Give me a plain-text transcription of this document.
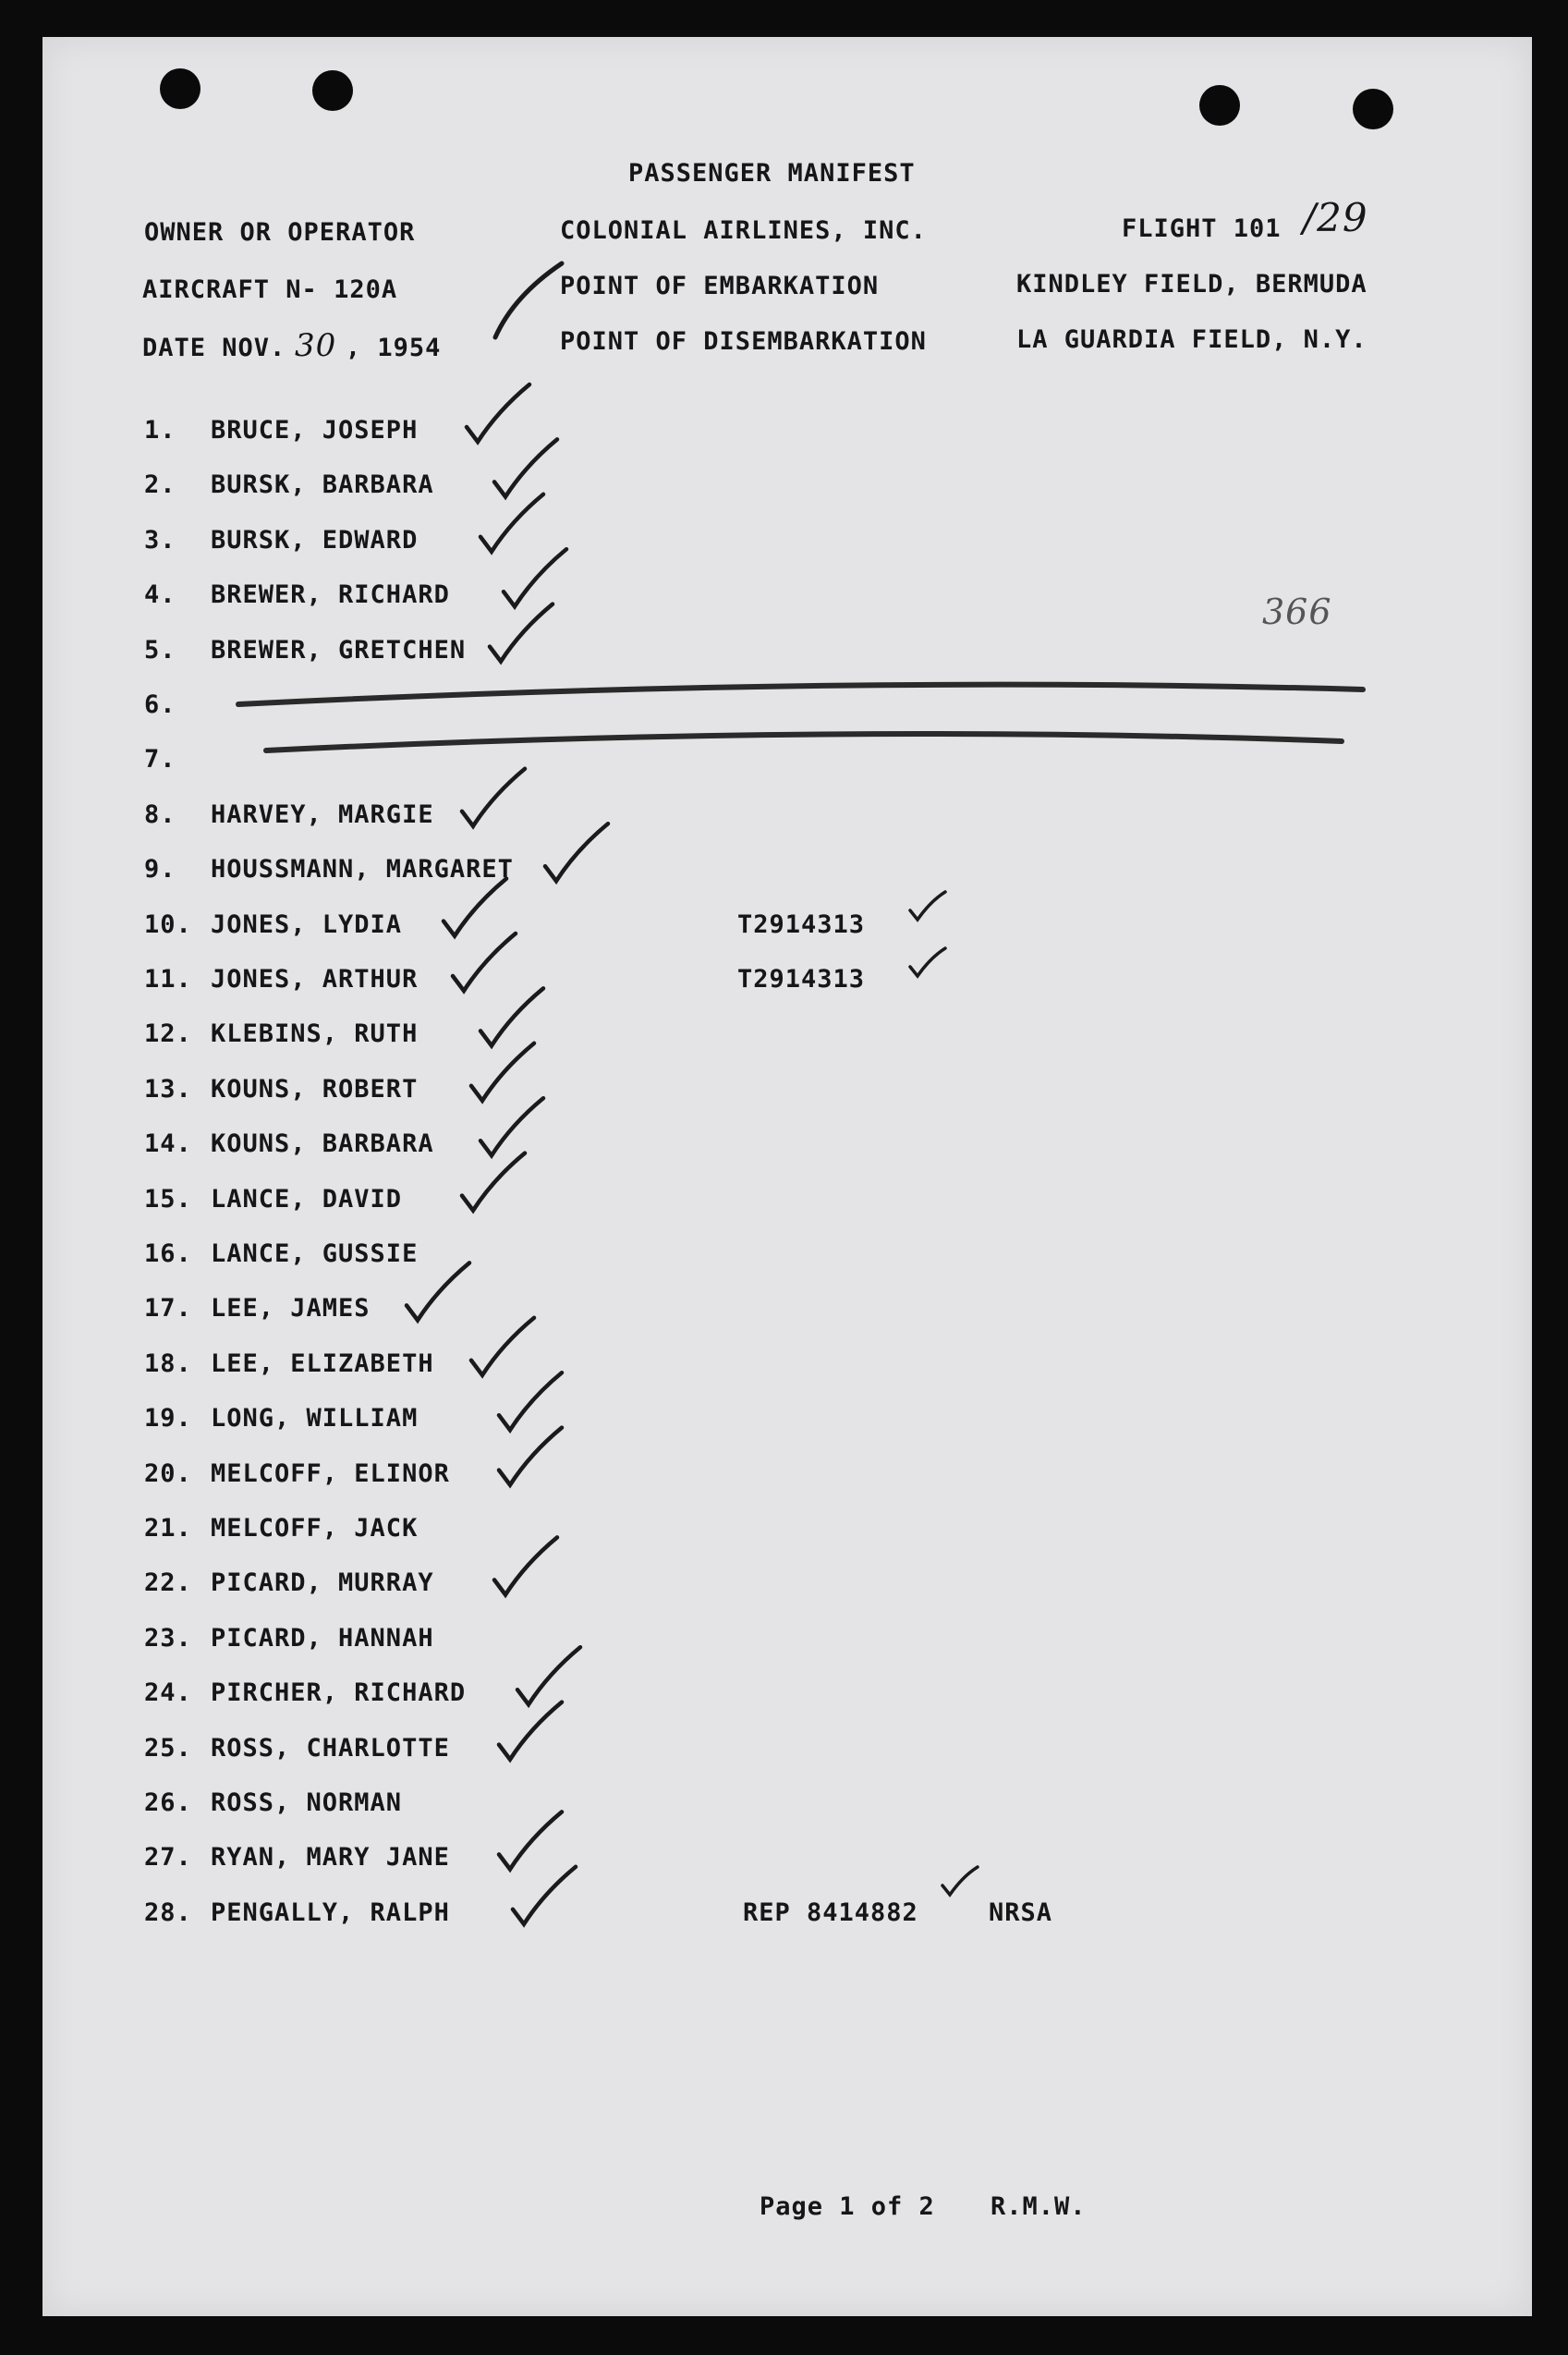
PASSENGER MANIFEST
OWNER OR OPERATOR	COLONIAL AIRLINES, INC.	FLIGHT 101 /29
AIRCRAFT N- 120A	POINT OF EMBARKATION	KINDLEY FIELD, BERMUDA
DATE NOV. 30 , 1954	POINT OF DISEMBARKATION	LA GUARDIA FIELD, N.Y.
366
1.	BRUCE, JOSEPH
2.	BURSK, BARBARA
3.	BURSK, EDWARD
4.	BREWER, RICHARD
5.	BREWER, GRETCHEN
6.
7.
8.	HARVEY, MARGIE
9.	HOUSSMANN, MARGARET
10. JONES, LYDIA	T2914313
11. JONES, ARTHUR	T2914313
12. KLEBINS, RUTH
13. KOUNS, ROBERT
14. KOUNS, BARBARA
15. LANCE, DAVID
16. LANCE, GUSSIE
17. LEE, JAMES
18. LEE, ELIZABETH
19. LONG, WILLIAM
20. MELCOFF, ELINOR
21. MELCOFF, JACK
22. PICARD, MURRAY
23. PICARD, HANNAH
24. PIRCHER, RICHARD
25. ROSS, CHARLOTTE
26. ROSS, NORMAN
27. RYAN, MARY JANE
28. PENGALLY, RALPH	REP 8414882	NRSA
Page 1 of 2 R.M.W.
